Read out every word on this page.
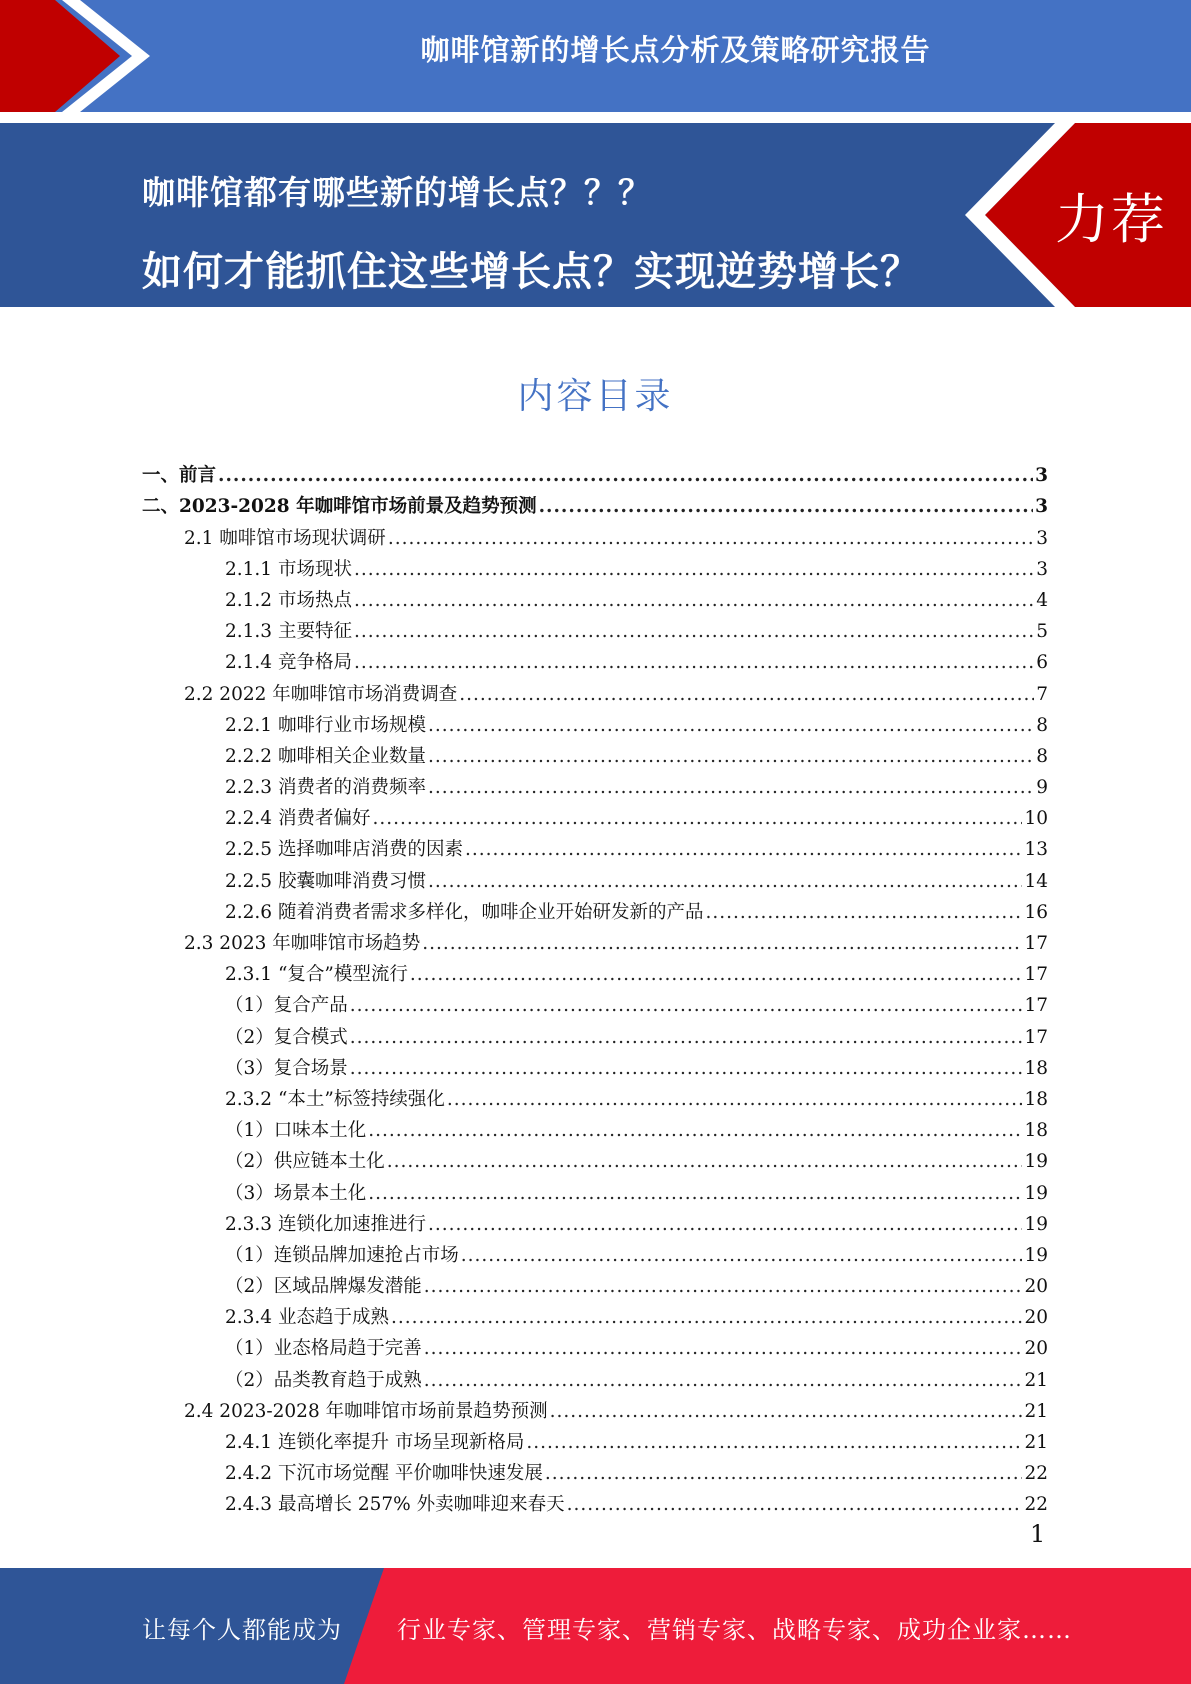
咖啡馆新的增长点分析及策略研究报告
咖啡馆都有哪些新的增长点？？？
如何才能抓住这些增长点？实现逆势增长？
力荐
内容目录
一、前言 .....	3
二、2023-2028 年咖啡馆市场前景及趋势预测 .....	3
2.1 咖啡馆市场现状调研 .....	3
2.1.1 市场现状 .....	3
2.1.2 市场热点 .....	4
2.1.3 主要特征 .....	5
2.1.4 竞争格局 .....	6
2.2 2022 年咖啡馆市场消费调查 .....	7
2.2.1 咖啡行业市场规模 .....	8
2.2.2 咖啡相关企业数量 .....	8
2.2.3 消费者的消费频率 .....	9
2.2.4 消费者偏好 .....	10
2.2.5 选择咖啡店消费的因素 .....	13
2.2.5 胶囊咖啡消费习惯 .....	14
2.2.6 随着消费者需求多样化，咖啡企业开始研发新的产品 .....	16
2.3 2023 年咖啡馆市场趋势 .....	17
2.3.1 “复合”模型流行 .....	17
（1）复合产品 .....	17
（2）复合模式 .....	17
（3）复合场景 .....	18
2.3.2 “本土”标签持续强化 .....	18
（1）口味本土化 .....	18
（2）供应链本土化 .....	19
（3）场景本土化 .....	19
2.3.3 连锁化加速推进行 .....	19
（1）连锁品牌加速抢占市场 .....	19
（2）区域品牌爆发潜能 .....	20
2.3.4 业态趋于成熟 .....	20
（1）业态格局趋于完善 .....	20
（2）品类教育趋于成熟 .....	21
2.4 2023-2028 年咖啡馆市场前景趋势预测 .....	21
2.4.1 连锁化率提升 市场呈现新格局 .....	21
2.4.2 下沉市场觉醒 平价咖啡快速发展 .....	22
2.4.3 最高增长 257% 外卖咖啡迎来春天 .....	22
1
让每个人都能成为 行业专家、管理专家、营销专家、战略专家、成功企业家……
